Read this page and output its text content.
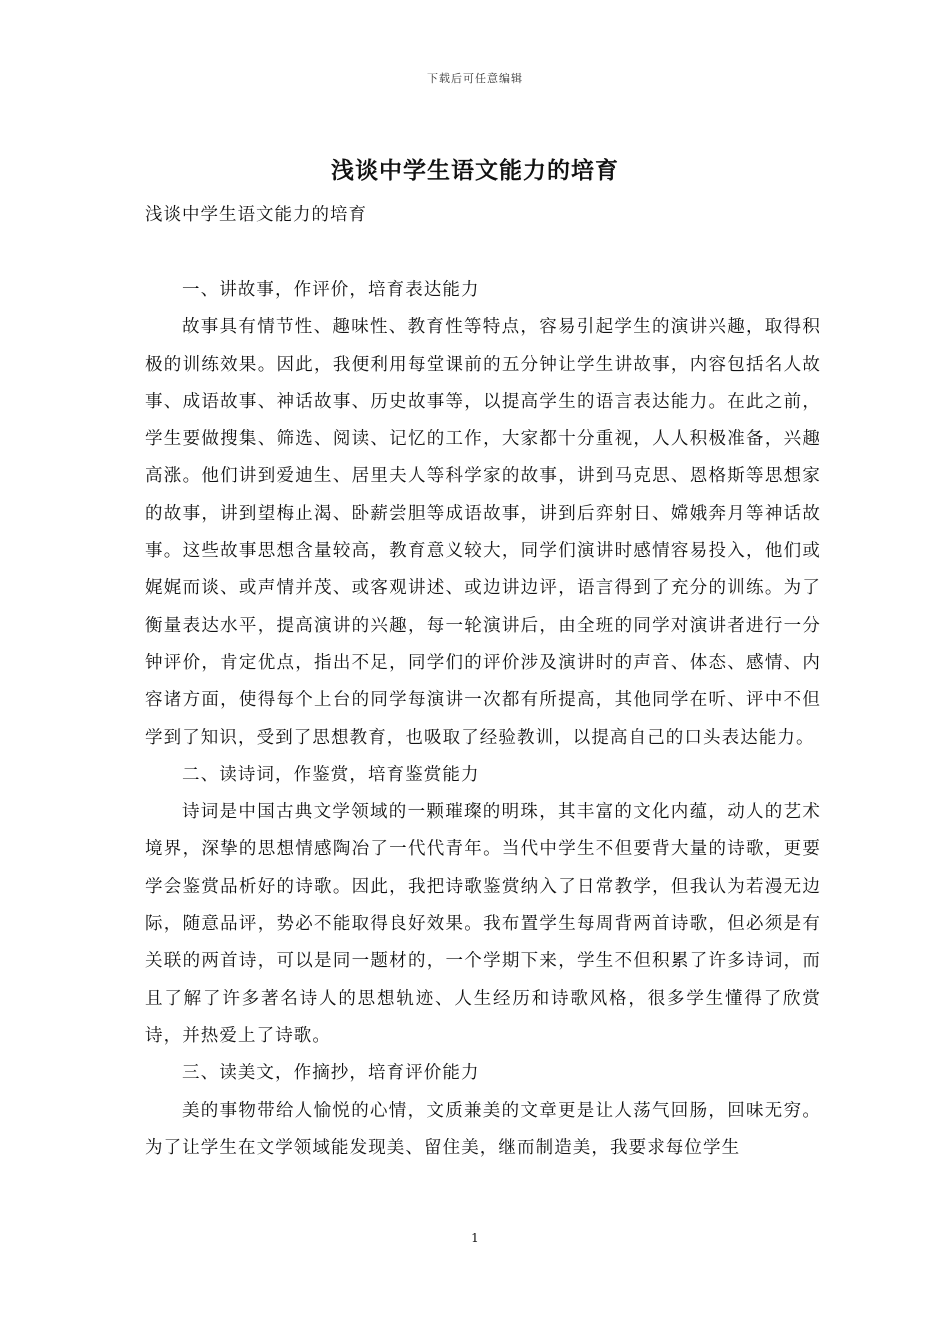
下载后可任意编辑
浅谈中学生语文能力的培育
浅谈中学生语文能力的培育

一、讲故事，作评价，培育表达能力

故事具有情节性、趣味性、教育性等特点，容易引起学生的演讲兴趣，取得积极的训练效果。因此，我便利用每堂课前的五分钟让学生讲故事，内容包括名人故事、成语故事、神话故事、历史故事等，以提高学生的语言表达能力。在此之前，学生要做搜集、筛选、阅读、记忆的工作，大家都十分重视，人人积极准备，兴趣高涨。他们讲到爱迪生、居里夫人等科学家的故事，讲到马克思、恩格斯等思想家的故事，讲到望梅止渴、卧薪尝胆等成语故事，讲到后弈射日、嫦娥奔月等神话故事。这些故事思想含量较高，教育意义较大，同学们演讲时感情容易投入，他们或娓娓而谈、或声情并茂、或客观讲述、或边讲边评，语言得到了充分的训练。为了衡量表达水平，提高演讲的兴趣，每一轮演讲后，由全班的同学对演讲者进行一分钟评价，肯定优点，指出不足，同学们的评价涉及演讲时的声音、体态、感情、内容诸方面，使得每个上台的同学每演讲一次都有所提高，其他同学在听、评中不但学到了知识，受到了思想教育，也吸取了经验教训，以提高自己的口头表达能力。

二、读诗词，作鉴赏，培育鉴赏能力

诗词是中国古典文学领域的一颗璀璨的明珠，其丰富的文化内蕴，动人的艺术境界，深挚的思想情感陶冶了一代代青年。当代中学生不但要背大量的诗歌，更要学会鉴赏品析好的诗歌。因此，我把诗歌鉴赏纳入了日常教学，但我认为若漫无边际，随意品评，势必不能取得良好效果。我布置学生每周背两首诗歌，但必须是有关联的两首诗，可以是同一题材的，一个学期下来，学生不但积累了许多诗词，而且了解了许多著名诗人的思想轨迹、人生经历和诗歌风格，很多学生懂得了欣赏诗，并热爱上了诗歌。

三、读美文，作摘抄，培育评价能力

美的事物带给人愉悦的心情，文质兼美的文章更是让人荡气回肠，回味无穷。为了让学生在文学领域能发现美、留住美，继而制造美，我要求每位学生

1
